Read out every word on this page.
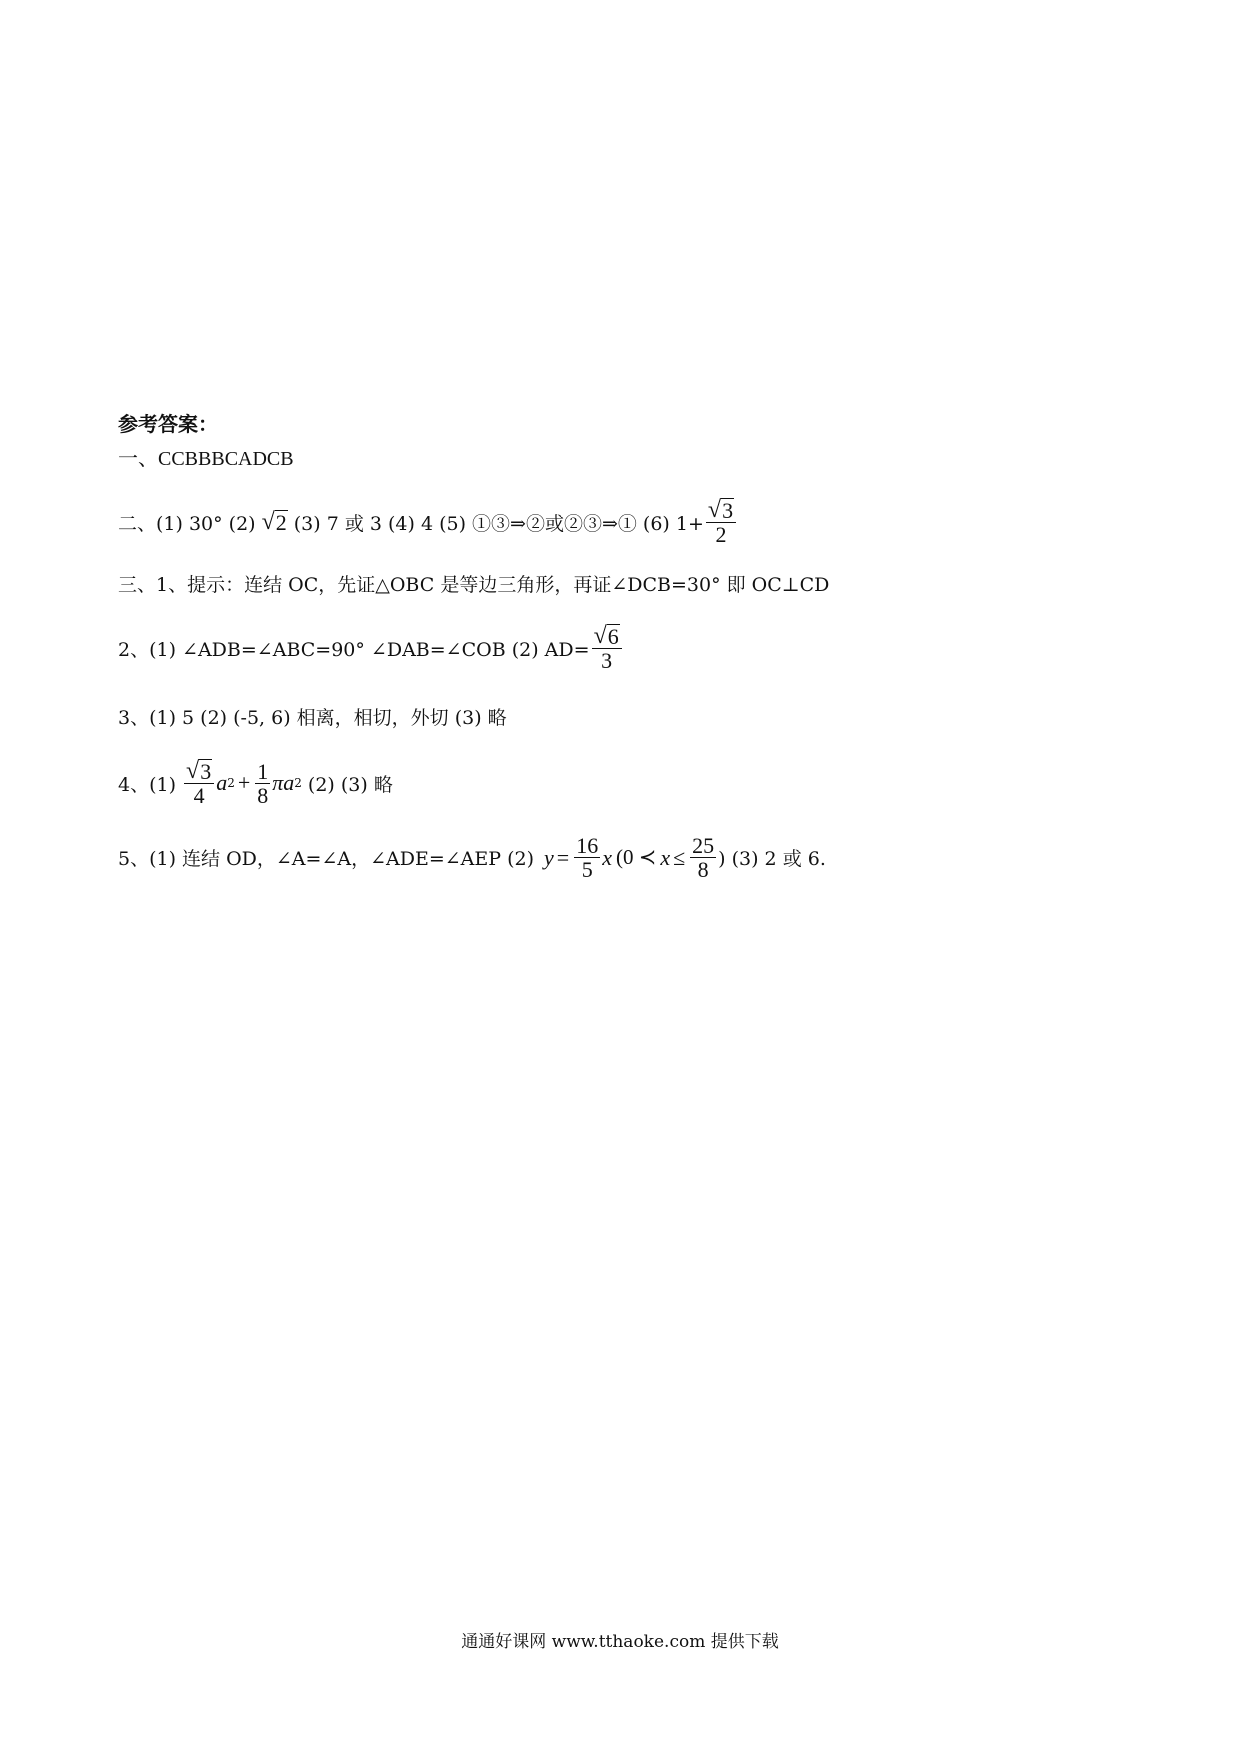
参考答案：
一、CCBBBCADCB
二、(1) 30° (2) √ 2 (3) 7 或 3 (4) 4 (5) ①③⇒②或②③⇒① (6) $1+ \frac{√ 3}{2}$
三、1、提示：连结 OC，先证△OBC 是等边三角形，再证∠DCB=30° 即 OC⊥CD
2、(1) ∠ADB=∠ABC=90° ∠DAB=∠COB (2) $AD= \frac{√ 6}{3}$
3、(1) 5 (2) (-5, 6) 相离，相切，外切 (3) 略
4、$(1) \frac{√ 3}{4}$ a $2 + \frac{1}{8}$ π a 2 (2) (3) 略
5、(1) 连结 OD，∠A=∠A，∠ADE=∠AEP (2) $y = \frac{16}{5}$ x (0 ≺ $x \le \frac{25}{8}$ ) (3) 2 或 6.
通通好课网 www.tthaoke.com 提供下载
